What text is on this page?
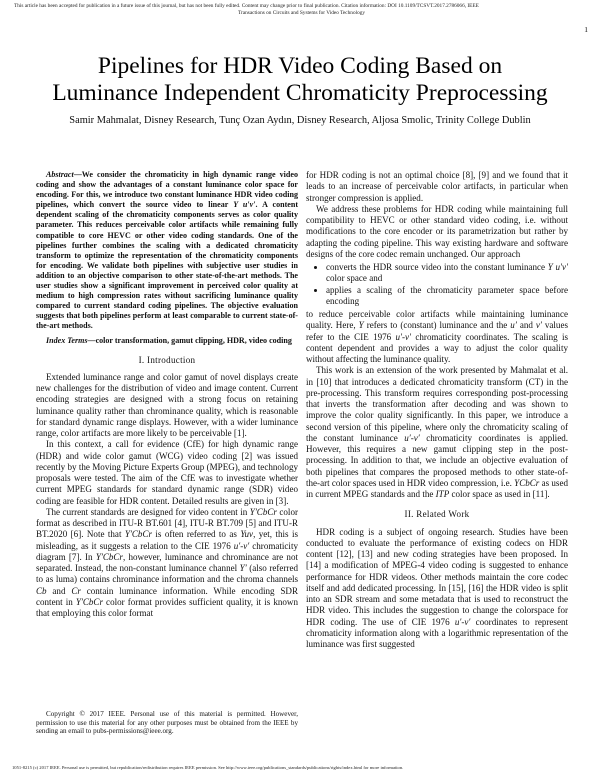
This article has been accepted for publication in a future issue of this journal, but has not been fully edited. Content may change prior to final publication. Citation information: DOI 10.1109/TCSVT.2017.2786066, IEEE
Transactions on Circuits and Systems for Video Technology
1
Pipelines for HDR Video Coding Based on
Luminance Independent Chromaticity Preprocessing
Samir Mahmalat, Disney Research, Tunç Ozan Aydın, Disney Research, Aljosa Smolic, Trinity College Dublin

Abstract—We consider the chromaticity in high dynamic range video coding and show the advantages of a constant luminance color space for encoding. For this, we introduce two constant luminance HDR video coding pipelines, which convert the source video to linear Y u′v′. A content dependent scaling of the chromaticity components serves as color quality parameter. This reduces perceivable color artifacts while remaining fully compatible to core HEVC or other video coding standards. One of the pipelines further combines the scaling with a dedicated chromaticity transform to optimize the representation of the chromaticity components for encoding. We validate both pipelines with subjective user studies in addition to an objective comparison to other state-of-the-art methods. The user studies show a significant improvement in perceived color quality at medium to high compression rates without sacrificing luminance quality compared to current standard coding pipelines. The objective evaluation suggests that both pipelines perform at least comparable to current state-of-the-art methods.

Index Terms—color transformation, gamut clipping, HDR, video coding

I. Introduction

Extended luminance range and color gamut of novel displays create new challenges for the distribution of video and image content. Current encoding strategies are designed with a strong focus on retaining luminance quality rather than chrominance quality, which is reasonable for standard dynamic range displays. However, with a wider luminance range, color artifacts are more likely to be perceivable [1].

In this context, a call for evidence (CfE) for high dynamic range (HDR) and wide color gamut (WCG) video coding [2] was issued recently by the Moving Picture Experts Group (MPEG), and technology proposals were tested. The aim of the CfE was to investigate whether current MPEG standards for standard dynamic range (SDR) video coding are feasible for HDR content. Detailed results are given in [3].

The current standards are designed for video content in Y′CbCr color format as described in ITU-R BT.601 [4], ITU-R BT.709 [5] and ITU-R BT.2020 [6]. Note that Y′CbCr is often referred to as Yuv, yet, this is misleading, as it suggests a relation to the CIE 1976 u′-v′ chromaticity diagram [7]. In Y′CbCr, however, luminance and chrominance are not separated. Instead, the non-constant luminance channel Y′ (also referred to as luma) contains chrominance information and the chroma channels Cb and Cr contain luminance information. While encoding SDR content in Y′CbCr color format provides sufficient quality, it is known that employing this color format

Copyright © 2017 IEEE. Personal use of this material is permitted. However, permission to use this material for any other purposes must be obtained from the IEEE by sending an email to pubs-permissions@ieee.org.

for HDR coding is not an optimal choice [8], [9] and we found that it leads to an increase of perceivable color artifacts, in particular when stronger compression is applied.

We address these problems for HDR coding while maintaining full compatibility to HEVC or other standard video coding, i.e. without modifications to the core encoder or its parametrization but rather by adapting the coding pipeline. This way existing hardware and software designs of the core codec remain unchanged. Our approach

• converts the HDR source video into the constant luminance Y u′v′ color space and
• applies a scaling of the chromaticity parameter space before encoding

to reduce perceivable color artifacts while maintaining luminance quality. Here, Y refers to (constant) luminance and the u′ and v′ values refer to the CIE 1976 u′-v′ chromaticity coordinates. The scaling is content dependent and provides a way to adjust the color quality without affecting the luminance quality.

This work is an extension of the work presented by Mahmalat et al. in [10] that introduces a dedicated chromaticity transform (CT) in the pre-processing. This transform requires corresponding post-processing that inverts the transformation after decoding and was shown to improve the color quality significantly. In this paper, we introduce a second version of this pipeline, where only the chromaticity scaling of the constant luminance u′-v′ chromaticity coordinates is applied. However, this requires a new gamut clipping step in the post-processing. In addition to that, we include an objective evaluation of both pipelines that compares the proposed methods to other state-of-the-art color spaces used in HDR video compression, i.e. YCbCr as used in current MPEG standards and the ITP color space as used in [11].

II. Related Work

HDR coding is a subject of ongoing research. Studies have been conducted to evaluate the performance of existing codecs on HDR content [12], [13] and new coding strategies have been proposed. In [14] a modification of MPEG-4 video coding is suggested to enhance performance for HDR videos. Other methods maintain the core codec itself and add dedicated processing. In [15], [16] the HDR video is split into an SDR stream and some metadata that is used to reconstruct the HDR video. This includes the suggestion to change the colorspace for HDR coding. The use of CIE 1976 u′-v′ coordinates to represent chromaticity information along with a logarithmic representation of the luminance was first suggested

1051-8215 (c) 2017 IEEE. Personal use is permitted, but republication/redistribution requires IEEE permission. See http://www.ieee.org/publications_standards/publications/rights/index.html for more information.
